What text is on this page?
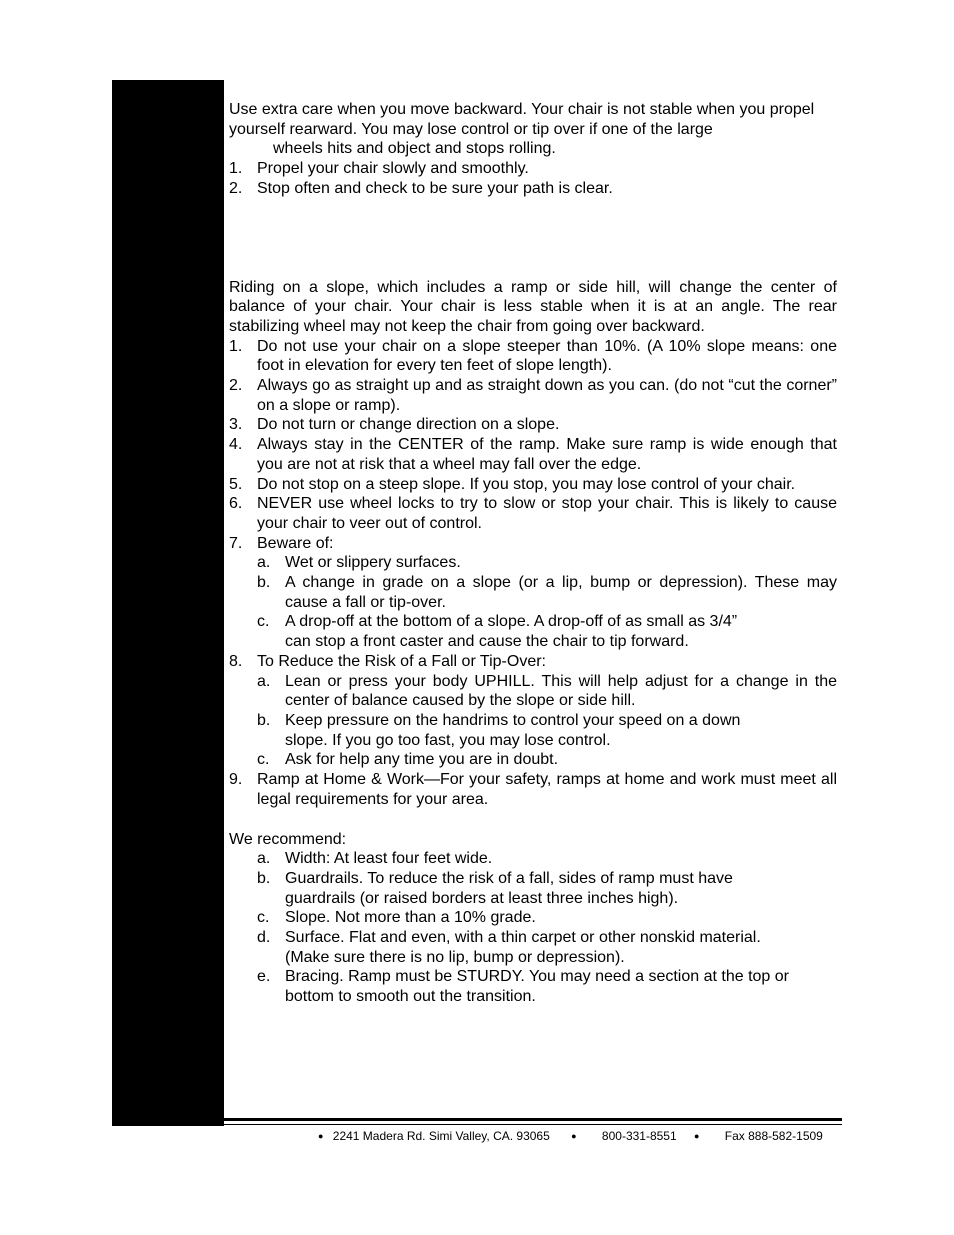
Use extra care when you move backward. Your chair is not stable when you propel yourself rearward. You may lose control or tip over if one of the large

wheels hits and object and stops rolling.

1. Propel your chair slowly and smoothly.
2. Stop often and check to be sure your path is clear.

Riding on a slope, which includes a ramp or side hill, will change the center of balance of your chair. Your chair is less stable when it is at an angle. The rear stabilizing wheel may not keep the chair from going over backward.

1. Do not use your chair on a slope steeper than 10%. (A 10% slope means: one foot in elevation for every ten feet of slope length).
2. Always go as straight up and as straight down as you can. (do not “cut the corner” on a slope or ramp).
3. Do not turn or change direction on a slope.
4. Always stay in the CENTER of the ramp. Make sure ramp is wide enough that you are not at risk that a wheel may fall over the edge.
5. Do not stop on a steep slope. If you stop, you may lose control of your chair.
6. NEVER use wheel locks to try to slow or stop your chair. This is likely to cause your chair to veer out of control.
7. Beware of:
a. Wet or slippery surfaces.
b. A change in grade on a slope (or a lip, bump or depression). These may cause a fall or tip-over.
c. A drop-off at the bottom of a slope. A drop-off of as small as 3/4”
can stop a front caster and cause the chair to tip forward.
8. To Reduce the Risk of a Fall or Tip-Over:
a. Lean or press your body UPHILL. This will help adjust for a change in the center of balance caused by the slope or side hill.
b. Keep pressure on the handrims to control your speed on a down
slope. If you go too fast, you may lose control.
c. Ask for help any time you are in doubt.
9. Ramp at Home & Work—For your safety, ramps at home and work must meet all legal requirements for your area.

We recommend:

a. Width: At least four feet wide.
b. Guardrails. To reduce the risk of a fall, sides of ramp must have
guardrails (or raised borders at least three inches high).
c. Slope. Not more than a 10% grade.
d. Surface. Flat and even, with a thin carpet or other nonskid material.
(Make sure there is no lip, bump or depression).
e. Bracing. Ramp must be STURDY. You may need a section at the top or
bottom to smooth out the transition.
● 2241 Madera Rd. Simi Valley, CA. 93065 ● 800-331-8551 ● Fax 888-582-1509
